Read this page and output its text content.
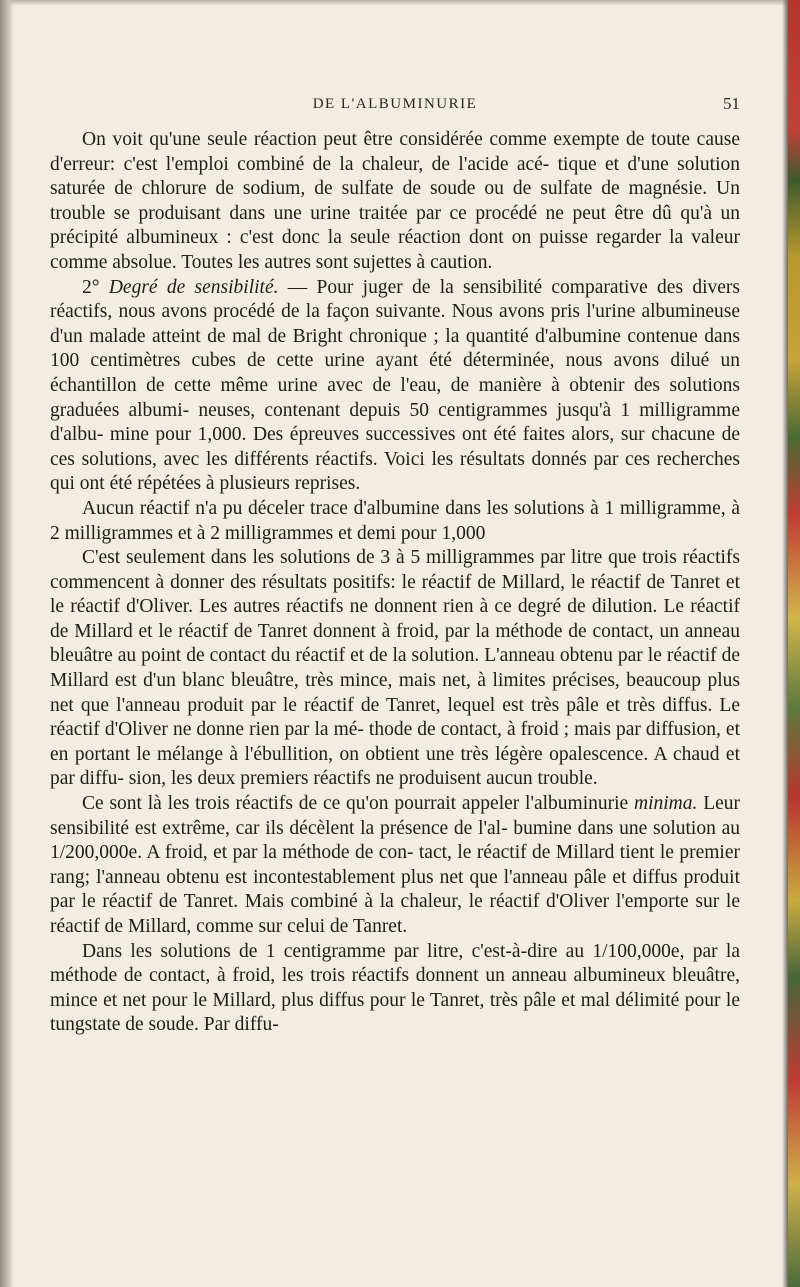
DE L'ALBUMINURIE	51

On voit qu'une seule réaction peut être considérée comme exempte de toute cause d'erreur: c'est l'emploi combiné de la chaleur, de l'acide acé- tique et d'une solution saturée de chlorure de sodium, de sulfate de soude ou de sulfate de magnésie. Un trouble se produisant dans une urine traitée par ce procédé ne peut être dû qu'à un précipité albumineux : c'est donc la seule réaction dont on puisse regarder la valeur comme absolue. Toutes les autres sont sujettes à caution.

2° Degré de sensibilité. — Pour juger de la sensibilité comparative des divers réactifs, nous avons procédé de la façon suivante. Nous avons pris l'urine albumineuse d'un malade atteint de mal de Bright chronique ; la quantité d'albumine contenue dans 100 centimètres cubes de cette urine ayant été déterminée, nous avons dilué un échantillon de cette même urine avec de l'eau, de manière à obtenir des solutions graduées albumi- neuses, contenant depuis 50 centigrammes jusqu'à 1 milligramme d'albu- mine pour 1,000. Des épreuves successives ont été faites alors, sur chacune de ces solutions, avec les différents réactifs. Voici les résultats donnés par ces recherches qui ont été répétées à plusieurs reprises.

Aucun réactif n'a pu déceler trace d'albumine dans les solutions à 1 milligramme, à 2 milligrammes et à 2 milligrammes et demi pour 1,000

C'est seulement dans les solutions de 3 à 5 milligrammes par litre que trois réactifs commencent à donner des résultats positifs: le réactif de Millard, le réactif de Tanret et le réactif d'Oliver. Les autres réactifs ne donnent rien à ce degré de dilution. Le réactif de Millard et le réactif de Tanret donnent à froid, par la méthode de contact, un anneau bleuâtre au point de contact du réactif et de la solution. L'anneau obtenu par le réactif de Millard est d'un blanc bleuâtre, très mince, mais net, à limites précises, beaucoup plus net que l'anneau produit par le réactif de Tanret, lequel est très pâle et très diffus. Le réactif d'Oliver ne donne rien par la mé- thode de contact, à froid ; mais par diffusion, et en portant le mélange à l'ébullition, on obtient une très légère opalescence. A chaud et par diffu- sion, les deux premiers réactifs ne produisent aucun trouble.

Ce sont là les trois réactifs de ce qu'on pourrait appeler l'albuminurie minima. Leur sensibilité est extrême, car ils décèlent la présence de l'al- bumine dans une solution au 1/200,000e. A froid, et par la méthode de con- tact, le réactif de Millard tient le premier rang; l'anneau obtenu est incontestablement plus net que l'anneau pâle et diffus produit par le réactif de Tanret. Mais combiné à la chaleur, le réactif d'Oliver l'emporte sur le réactif de Millard, comme sur celui de Tanret.

Dans les solutions de 1 centigramme par litre, c'est-à-dire au 1/100,000e, par la méthode de contact, à froid, les trois réactifs donnent un anneau albumineux bleuâtre, mince et net pour le Millard, plus diffus pour le Tanret, très pâle et mal délimité pour le tungstate de soude. Par diffu-
